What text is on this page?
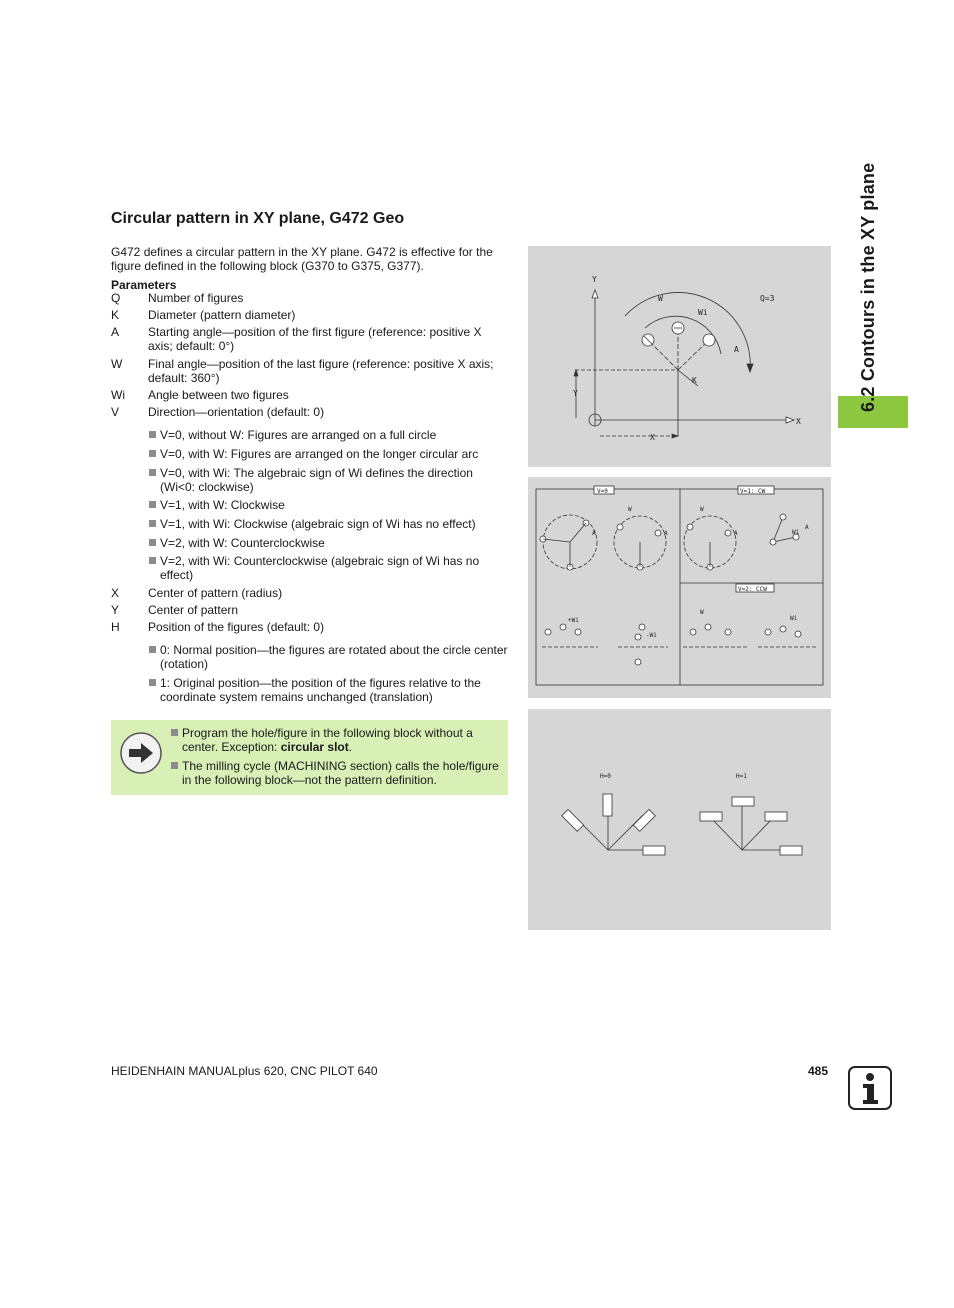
Circular pattern in XY plane, G472 Geo
G472 defines a circular pattern in the XY plane. G472 is effective for the figure defined in the following block (G370 to G375, G377).
Parameters
Q	Number of figures
K	Diameter (pattern diameter)
A	Starting angle—position of the first figure (reference: positive X axis; default: 0°)
W	Final angle—position of the last figure (reference: positive X axis; default: 360°)
Wi	Angle between two figures
V	Direction—orientation (default: 0)
V=0, without W: Figures are arranged on a full circle
V=0, with W: Figures are arranged on the longer circular arc
V=0, with Wi: The algebraic sign of Wi defines the direction (Wi<0: clockwise)
V=1, with W: Clockwise
V=1, with Wi: Clockwise (algebraic sign of Wi has no effect)
V=2, with W: Counterclockwise
V=2, with Wi: Counterclockwise (algebraic sign of Wi has no effect)
X	Center of pattern (radius)
Y	Center of pattern
H	Position of the figures (default: 0)
0: Normal position—the figures are rotated about the circle center (rotation)
1: Original position—the position of the figures relative to the coordinate system remains unchanged (translation)
Program the hole/figure in the following block without a center. Exception: circular slot.
The milling cycle (MACHINING section) calls the hole/figure in the following block—not the pattern definition.
Y
X
W
Wi
Q=3
A
K
X
Y
V=0	V=1: CW
V=2: CCW
W	W
W
A	A	A
A
Wi
Wi
+Wi
-Wi
H=0	H=1
6.2 Contours in the XY plane
HEIDENHAIN MANUALplus 620, CNC PILOT 640	485
